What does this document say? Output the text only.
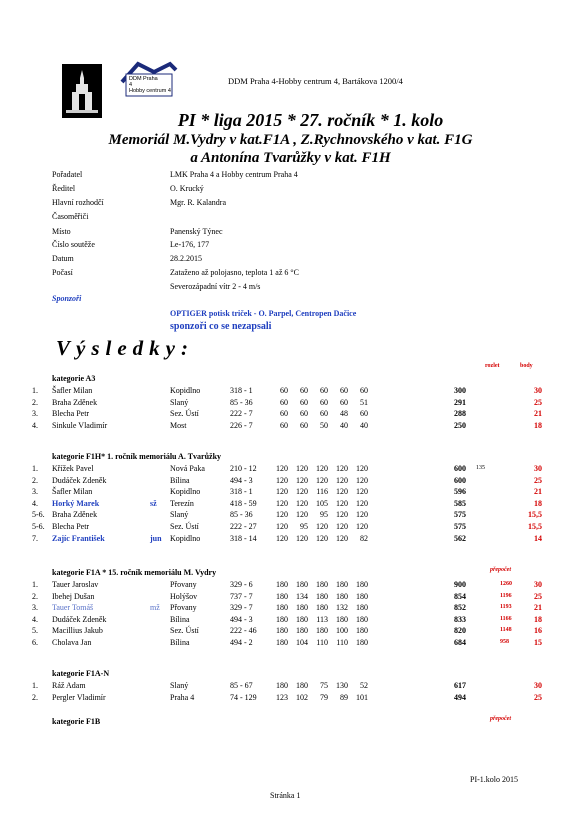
DDM Praha
4
Hobby centrum 4
DDM Praha 4-Hobby centrum 4, Bartákova 1200/4
PI * liga 2015 * 27. ročník * 1. kolo
Memoriál M.Vydry v kat.F1A , Z.Rychnovského v kat. F1G
a Antonína Tvarůžky v kat. F1H
Pořadatel	LMK Praha 4 a Hobby centrum Praha 4
Ředitel	O. Krucký
Hlavní rozhodčí	Mgr. R. Kalandra
Časoměřiči
Místo	Panenský Týnec
Číslo soutěže	Le-176, 177
Datum	28.2.2015
Počasí	Zataženo až polojasno, teplota 1 až 6 °C
Severozápadní vítr 2 - 4 m/s
Sponzoři
OPTIGER potisk triček - O. Parpel, Centropen Dačice
sponzoři co se nezapsali
Výsledky:
rozlet	body
kategorie A3
1. Šafler Milan	Kopidlno	318 - 1	60	60	60	60	60	300	30
2. Braha Zděnek	Slaný	85 - 36	60	60	60	60	51	291	25
3. Blecha Petr	Sez. Ústí	222 - 7	60	60	60	48	60	288	21
4. Sinkule Vladimír	Most	226 - 7	60	60	50	40	40	250	18
kategorie F1H* 1. ročník memoriálu A. Tvarůžky
1. Křížek Pavel	Nová Paka	210 - 12	120	120	120	120	120	600 135	30
2. Dudáček Zdeněk	Bílina	494 - 3	120	120	120	120	120	600	25
3. Šafler Milan	Kopidlno	318 - 1	120	120	116	120	120	596	21
4. Horký Marek	sž Terezín	418 - 59	120	120	105	120	120	585	18
5-6. Braha Zděnek	Slaný	85 - 36	120	120	95	120	120	575	15,5
5-6. Blecha Petr	Sez. Ústí	222 - 27	120	95	120	120	120	575	15,5
7. Zajíc František	jun Kopidlno	318 - 14	120	120	120	120	82	562	14
kategorie F1A * 15. ročník memoriálu M. Vydry	přepočet
1. Tauer Jaroslav	Přovany	329 - 6	180	180	180	180	180	900	1260	30
2. Ibehej Dušan	Holýšov	737 - 7	180	134	180	180	180	854	1196	25
3. Tauer Tomáš	mž Přovany	329 - 7	180	180	180	132	180	852	1193	21
4. Dudáček Zdeněk	Bílina	494 - 3	180	180	113	180	180	833	1166	18
5. Macillius Jakub	Sez. Ústí	222 - 46	180	180	180	100	180	820	1148	16
6. Cholava Jan	Bílina	494 - 2	180	104	110	110	180	684	958	15
kategorie F1A-N
1. Ráž Adam	Slaný	85 - 67	180	180	75	130	52	617	30
2. Pergler Vladimír	Praha 4	74 - 129	123	102	79	89	101	494	25
kategorie F1B	přepočet
PI-1.kolo 2015
Stránka 1
